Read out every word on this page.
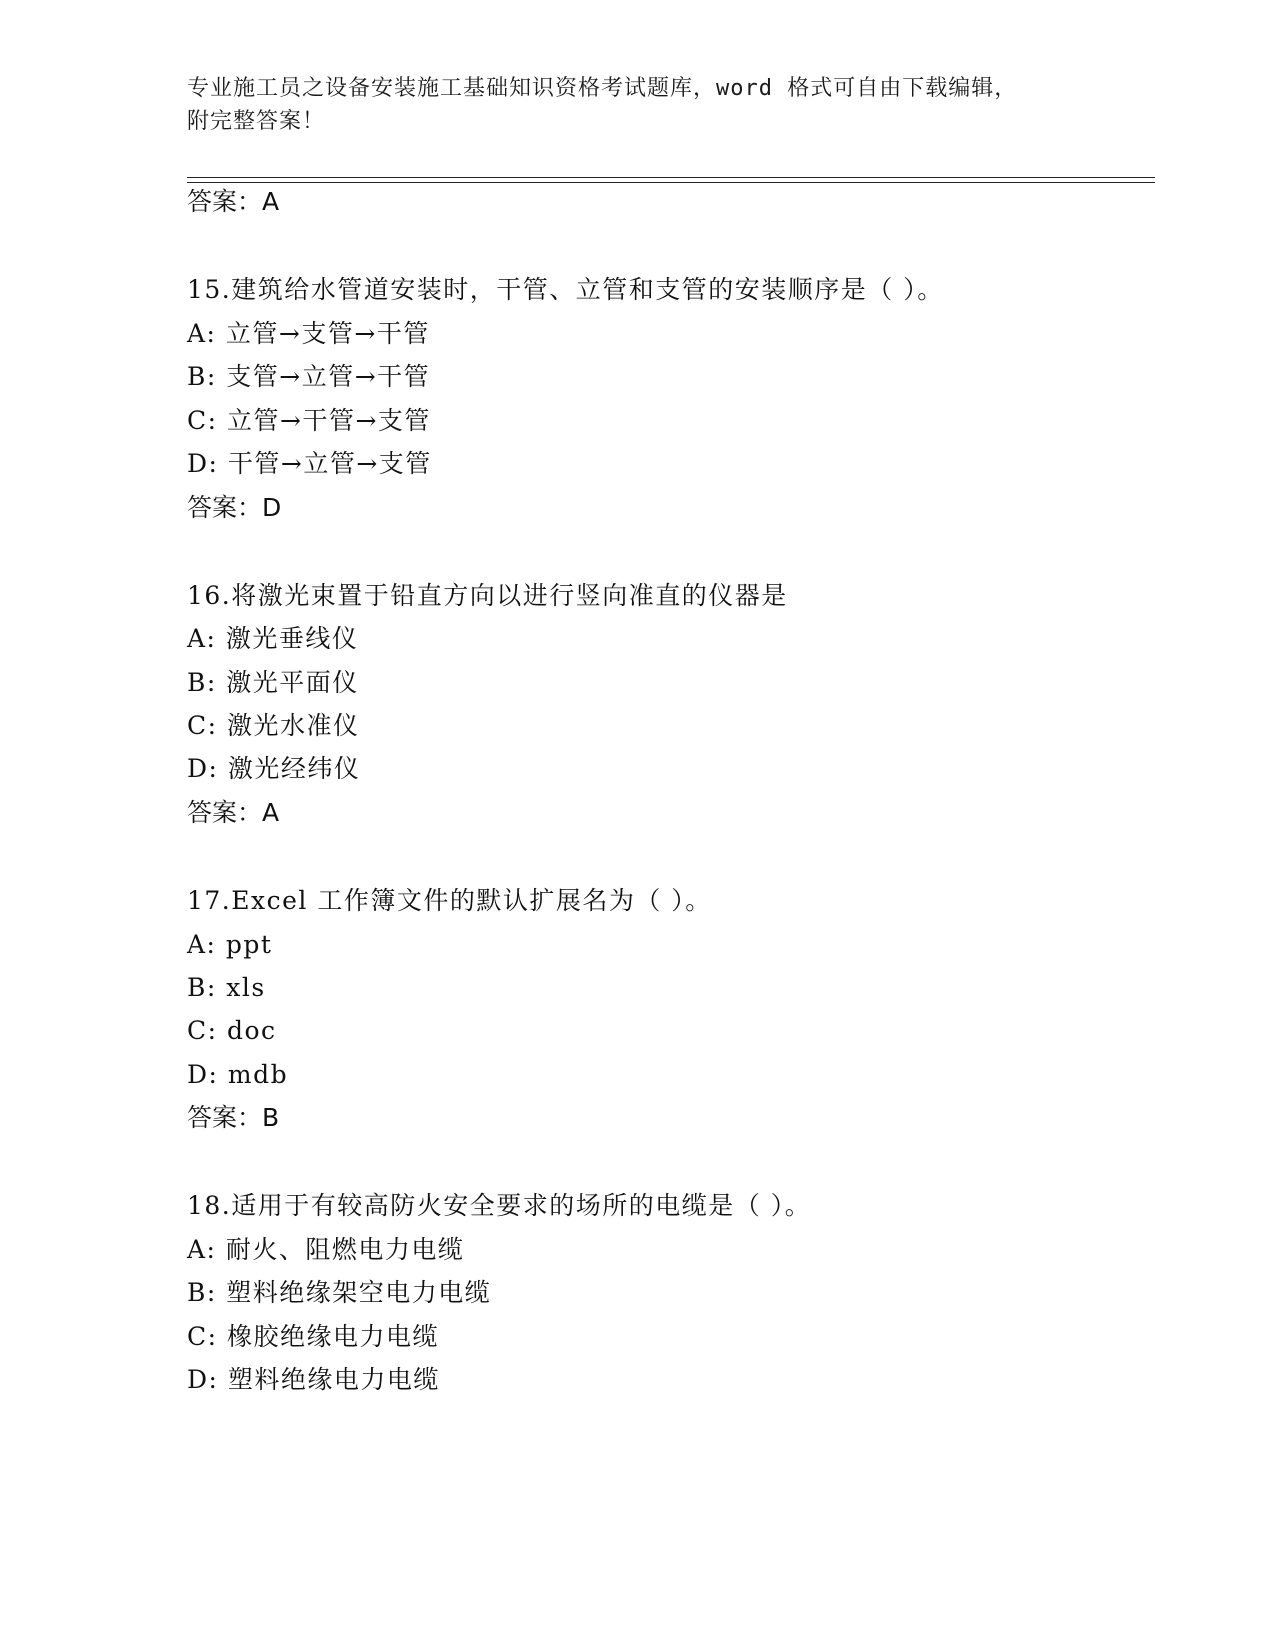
专业施工员之设备安装施工基础知识资格考试题库，word 格式可自由下载编辑，
附完整答案！
答案：A
15.建筑给水管道安装时，干管、立管和支管的安装顺序是（ ）。
A: 立管→支管→干管
B: 支管→立管→干管
C: 立管→干管→支管
D: 干管→立管→支管
答案：D
16.将激光束置于铅直方向以进行竖向准直的仪器是
A: 激光垂线仪
B: 激光平面仪
C: 激光水准仪
D: 激光经纬仪
答案：A
17.Excel 工作簿文件的默认扩展名为（ ）。
A: ppt
B: xls
C: doc
D: mdb
答案：B
18.适用于有较高防火安全要求的场所的电缆是（ ）。
A: 耐火、阻燃电力电缆
B: 塑料绝缘架空电力电缆
C: 橡胶绝缘电力电缆
D: 塑料绝缘电力电缆
